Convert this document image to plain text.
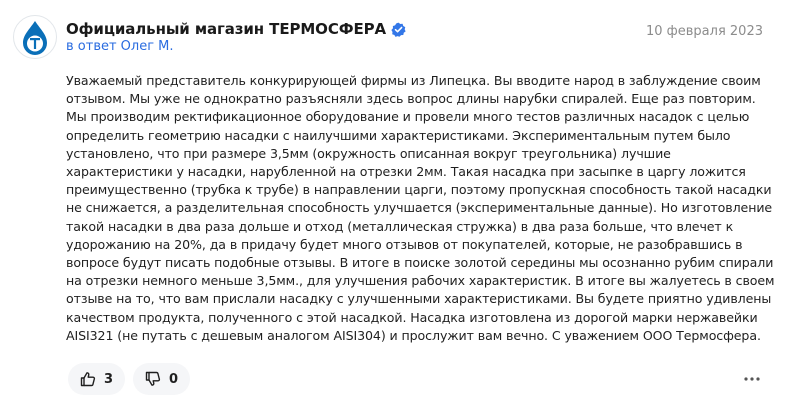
Официальный магазин ТЕРМОСФЕРА
в ответ Олег М.
10 февраля 2023

Уважаемый представитель конкурирующей фирмы из Липецка. Вы вводите народ в заблуждение своим отзывом. Мы уже не однократно разъясняли здесь вопрос длины нарубки спиралей. Еще раз повторим. Мы производим ректификационное оборудование и провели много тестов различных насадок с целью определить геометрию насадки с наилучшими характеристиками. Экспериментальным путем было установлено, что при размере 3,5мм (окружность описанная вокруг треугольника) лучшие характеристики у насадки, нарубленной на отрезки 2мм. Такая насадка при засыпке в царгу ложится преимущественно (трубка к трубе) в направлении царги, поэтому пропускная способность такой насадки не снижается, а разделительная способность улучшается (экспериментальные данные). Но изготовление такой насадки в два раза дольше и отход (металлическая стружка) в два раза больше, что влечет к удорожанию на 20%, да в придачу будет много отзывов от покупателей, которые, не разобравшись в вопросе будут писать подобные отзывы. В итоге в поиске золотой середины мы осознанно рубим спирали на отрезки немного меньше 3,5мм., для улучшения рабочих характеристик. В итоге вы жалуетесь в своем отзыве на то, что вам прислали насадку с улучшенными характеристиками. Вы будете приятно удивлены качеством продукта, полученного с этой насадкой. Насадка изготовлена из дорогой марки нержавейки AISI321 (не путать с дешевым аналогом AISI304) и прослужит вам вечно. С уважением ООО Термосфера.

3	0
